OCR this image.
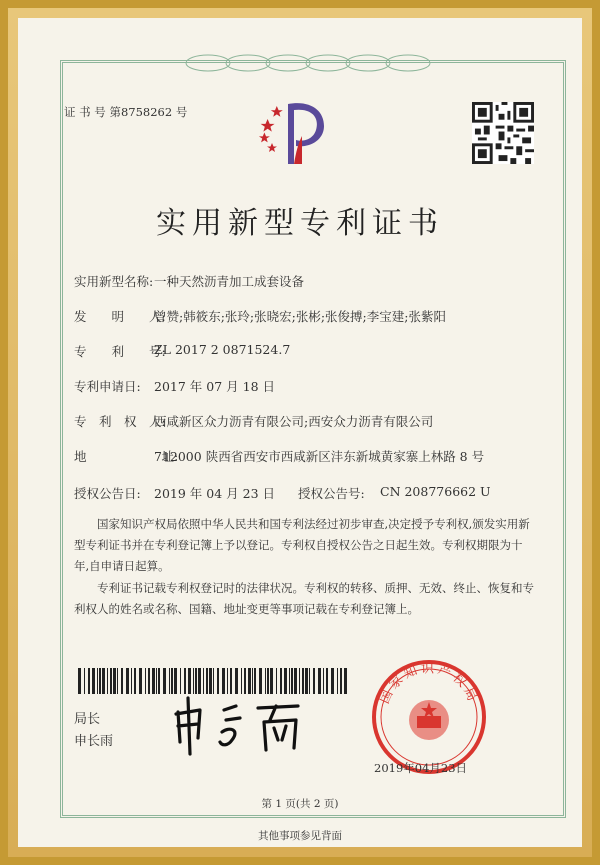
证 书 号 第8758262 号
实用新型专利证书
实用新型名称: 一种天然沥青加工成套设备
发　　明　　人:
曾赞;韩筱东;张玲;张晓宏;张彬;张俊搏;李宝建;张紫阳
专　　利　　号:
ZL 2017 2 0871524.7
专利申请日: 2017 年 07 月 18 日
专　利　权　人:
西咸新区众力沥青有限公司;西安众力沥青有限公司
地　　　　　　址:
712000 陕西省西安市西咸新区沣东新城黄家寨上林路 8 号
授权公告日: 2019 年 04 月 23 日 授权公告号: CN 208776662 U
国家知识产权局依照中华人民共和国专利法经过初步审查,决定授予专利权,颁发实用新型专利证书并在专利登记簿上予以登记。专利权自授权公告之日起生效。专利权期限为十年,自申请日起算。
专利证书记载专利权登记时的法律状况。专利权的转移、质押、无效、终止、恢复和专利权人的姓名或名称、国籍、地址变更等事项记载在专利登记簿上。
局长
申长雨
国家知识产权局
2019年04月23日
第 1 页(共 2 页)
其他事项参见背面
